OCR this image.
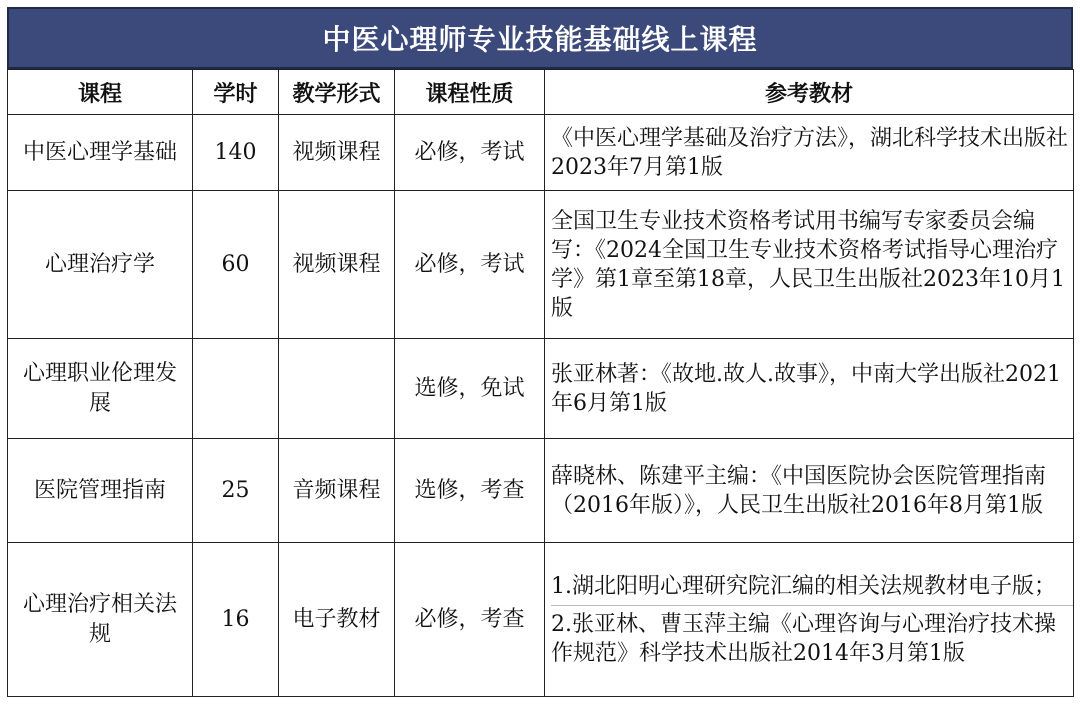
中医心理师专业技能基础线上课程
课程	学时	教学形式	课程性质	参考教材
中医心理学基础	140	视频课程	必修，考试	《中医心理学基础及治疗方法》，湖北科学技术出版社2023年7月第1版
心理治疗学	60	视频课程	必修，考试	全国卫生专业技术资格考试用书编写专家委员会编写：《2024全国卫生专业技术资格考试指导心理治疗学》第1章至第18章，人民卫生出版社2023年10月1版
心理职业伦理发展			选修，免试	张亚林著：《故地.故人.故事》，中南大学出版社2021年6月第1版
医院管理指南	25	音频课程	选修，考查	薛晓林、陈建平主编：《中国医院协会医院管理指南（2016年版）》，人民卫生出版社2016年8月第1版
心理治疗相关法规	16	电子教材	必修，考查	1.湖北阳明心理研究院汇编的相关法规教材电子版；
2.张亚林、曹玉萍主编《心理咨询与心理治疗技术操作规范》科学技术出版社2014年3月第1版
